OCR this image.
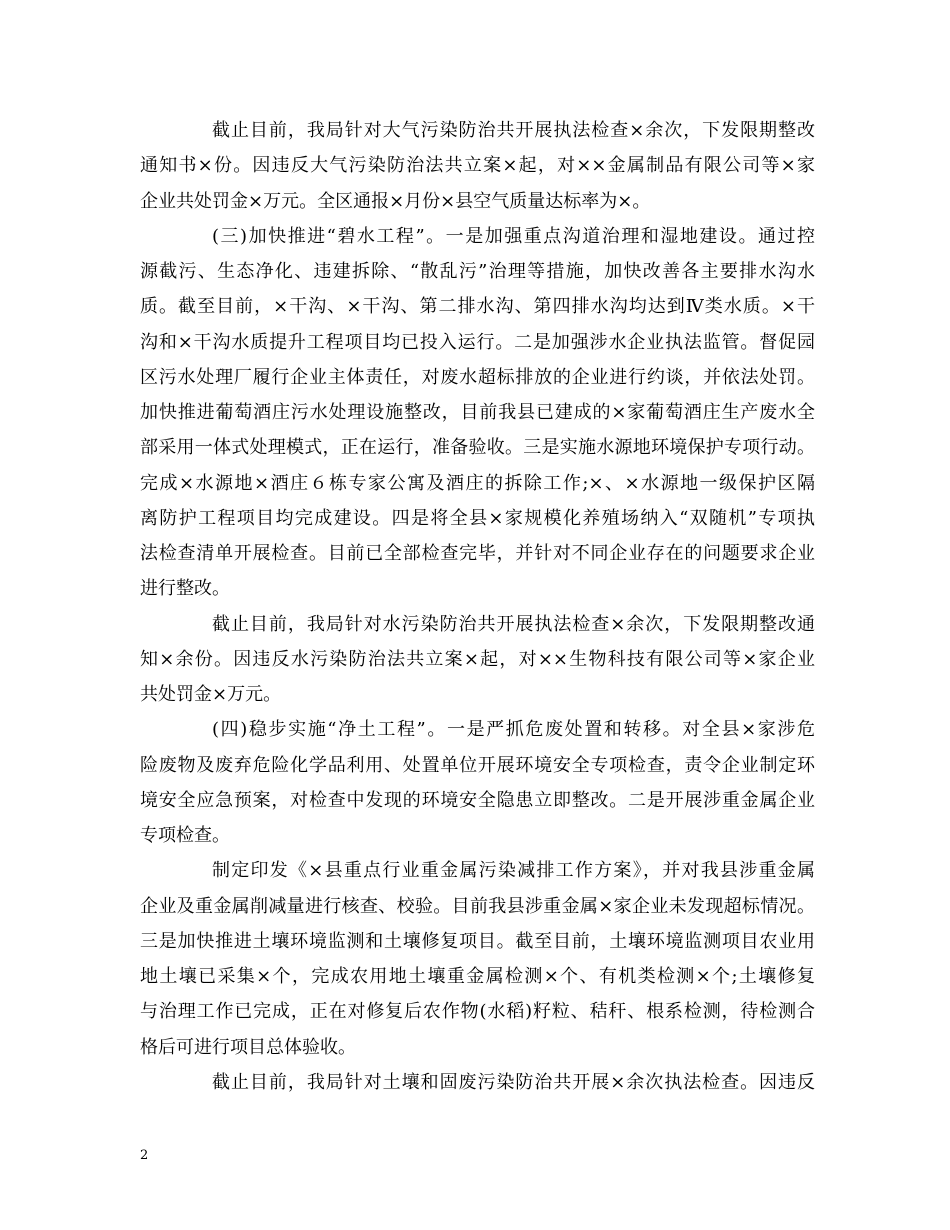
截止目前，我局针对大气污染防治共开展执法检查×余次，下发限期整改
通知书×份。因违反大气污染防治法共立案×起，对××金属制品有限公司等×家
企业共处罚金×万元。全区通报×月份×县空气质量达标率为×。
(三)加快推进“碧水工程”。一是加强重点沟道治理和湿地建设。通过控
源截污、生态净化、违建拆除、“散乱污”治理等措施，加快改善各主要排水沟水
质。截至目前，×干沟、×干沟、第二排水沟、第四排水沟均达到Ⅳ类水质。×干
沟和×干沟水质提升工程项目均已投入运行。二是加强涉水企业执法监管。督促园
区污水处理厂履行企业主体责任，对废水超标排放的企业进行约谈，并依法处罚。
加快推进葡萄酒庄污水处理设施整改，目前我县已建成的×家葡萄酒庄生产废水全
部采用一体式处理模式，正在运行，准备验收。三是实施水源地环境保护专项行动。
完成×水源地×酒庄６栋专家公寓及酒庄的拆除工作;×、×水源地一级保护区隔
离防护工程项目均完成建设。四是将全县×家规模化养殖场纳入“双随机”专项执
法检查清单开展检查。目前已全部检查完毕，并针对不同企业存在的问题要求企业
进行整改。
截止目前，我局针对水污染防治共开展执法检查×余次，下发限期整改通
知×余份。因违反水污染防治法共立案×起，对××生物科技有限公司等×家企业
共处罚金×万元。
(四)稳步实施“净土工程”。一是严抓危废处置和转移。对全县×家涉危
险废物及废弃危险化学品利用、处置单位开展环境安全专项检查，责令企业制定环
境安全应急预案，对检查中发现的环境安全隐患立即整改。二是开展涉重金属企业
专项检查。
制定印发《×县重点行业重金属污染减排工作方案》，并对我县涉重金属
企业及重金属削减量进行核查、校验。目前我县涉重金属×家企业未发现超标情况。
三是加快推进土壤环境监测和土壤修复项目。截至目前，土壤环境监测项目农业用
地土壤已采集×个，完成农用地土壤重金属检测×个、有机类检测×个;土壤修复
与治理工作已完成，正在对修复后农作物(水稻)籽粒、秸秆、根系检测，待检测合
格后可进行项目总体验收。
截止目前，我局针对土壤和固废污染防治共开展×余次执法检查。因违反
2
